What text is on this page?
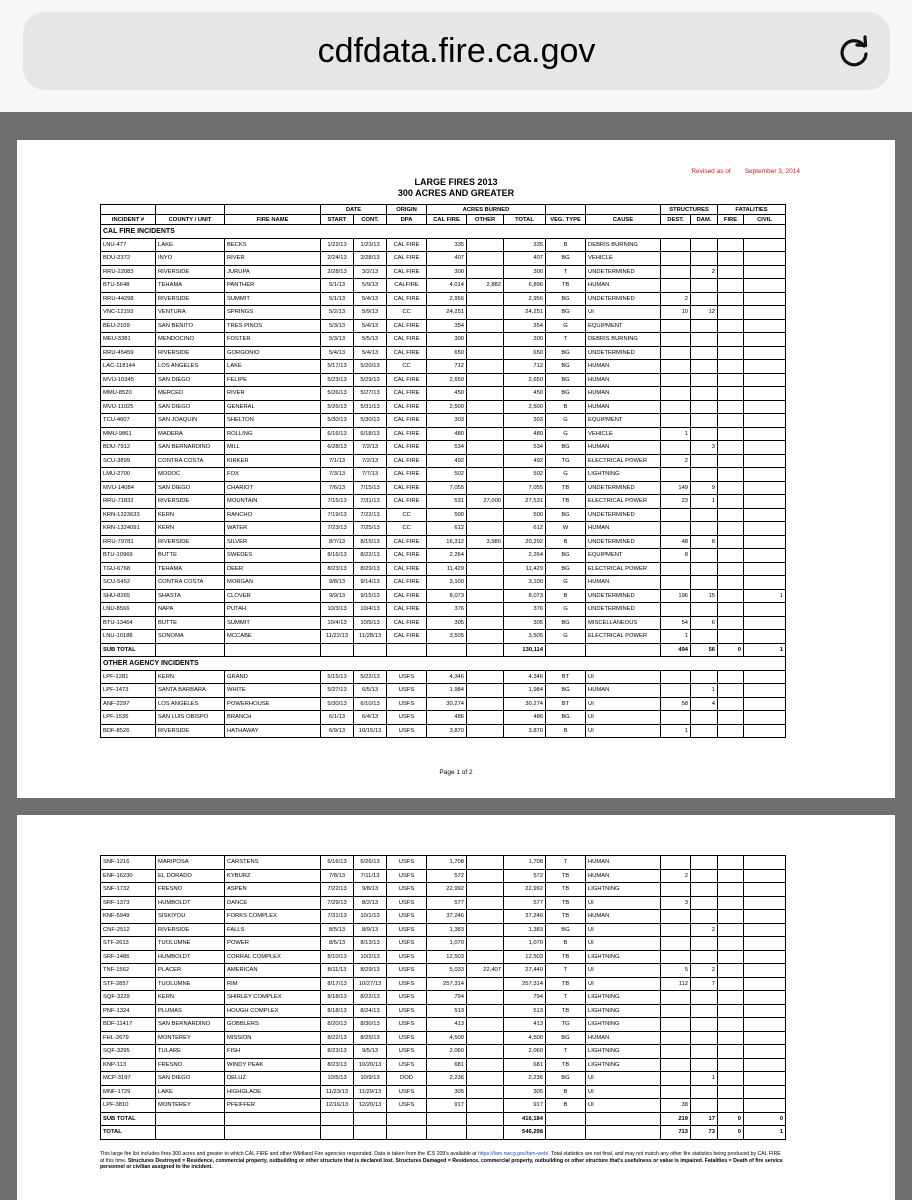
cdfdata.fire.ca.gov
Revised as of September 3, 2014
LARGE FIRES 2013
300 ACRES AND GREATER
			DATE		ORIGIN	ACRES BURNED					STRUCTURES		FATALITIES	
INCIDENT #	COUNTY / UNIT	FIRE NAME	START	CONT.	DPA	CAL FIRE	OTHER	TOTAL	VEG. TYPE	CAUSE	DEST.	DAM.	FIRE	CIVIL
CAL FIRE INCIDENTS														
LNU-477	LAKE	BECKS	1/22/13	1/23/13	CAL FIRE	335		335	B	DEBRIS BURNING				
BDU-2372	INYO	RIVER	2/24/13	2/28/13	CAL FIRE	407		407	BG	VEHICLE				
RRU-22083	RIVERSIDE	JURUPA	2/28/13	3/2/13	CAL FIRE	300		300	T	UNDETERMINED		2		
BTU-5648	TEHAMA	PANTHER	5/1/13	5/9/13	CALFIRE	4,014	2,882	6,896	TB	HUMAN				
RRU-44298	RIVERSIDE	SUMMIT	5/1/13	5/4/13	CAL FIRE	2,956		2,956	BG	UNDETERMINED	2			
VNC-12193	VENTURA	SPRINGS	5/2/13	5/9/13	CC	24,251		24,251	BG	UI	10	12		
BEU-2109	SAN BENITO	TRES PINOS	5/3/13	5/4/13	CAL FIRE	354		354	G	EQUIPMENT				
MEU-3381	MENDOCINO	FOSTER	5/3/13	5/5/13	CAL FIRE	300		300	T	DEBRIS BURNING				
RRU-45459	RIVERSIDE	GORGONIO	5/4/13	5/4/13	CAL FIRE	650		650	BG	UNDETERMINED				
LAC-118144	LOS ANGELES	LAKE	5/17/13	5/20/13	CC	712		712	BG	HUMAN				
MVU-10345	SAN DIEGO	FELIPE	5/23/13	5/29/13	CAL FIRE	2,650		2,650	BG	HUMAN				
MMU-8520	MERCED	RIVER	5/26/13	5/27/13	CAL FIRE	450		450	BG	HUMAN				
MVU-11025	SAN DIEGO	GENERAL	5/26/13	5/31/13	CAL FIRE	2,500		2,500	B	HUMAN				
TCU-4607	SAN JOAQUIN	SHELTON	5/30/13	5/30/13	CAL FIRE	303		303	G	EQUIPMENT				
MMU-9861	MADERA	ROLLING	6/16/13	6/18/13	CAL FIRE	480		480	G	VEHICLE	1			
BDU-7912	SAN BERNARDINO	MILL	6/28/13	7/2/13	CAL FIRE	534		534	BG	HUMAN		3		
SCU-3899	CONTRA COSTA	KIRKER	7/1/13	7/2/13	CAL FIRE	492		492	TG	ELECTRICAL POWER	2			
LMU-2700	MODOC	FOX	7/3/13	7/7/13	CAL FIRE	502		502	G	LIGHTNING				
MVU-14084	SAN DIEGO	CHARIOT	7/6/13	7/15/13	CAL FIRE	7,055		7,055	TB	UNDETERMINED	149	9		
RRU-71832	RIVERSIDE	MOUNTAIN	7/15/13	7/31/13	CAL FIRE	531	27,000	27,531	TB	ELECTRICAL POWER	23	1		
KRN-1323633	KERN	RANCHO	7/19/13	7/22/13	CC	500		500	BG	UNDETERMINED				
KRN-1324091	KERN	WATER	7/23/13	7/25/13	CC	612		612	W	HUMAN				
RRU-79781	RIVERSIDE	SILVER	8/7/13	8/15/13	CAL FIRE	16,312	3,980	20,292	B	UNDETERMINED	48	8		
BTU-10969	BUTTE	SWEDES	8/16/13	8/22/13	CAL FIRE	2,264		2,264	BG	EQUIPMENT	8			
TGU-6768	TEHAMA	DEER	8/23/13	8/29/13	CAL FIRE	11,429		11,429	BG	ELECTRICAL POWER				
SCU-5452	CONTRA COSTA	MORGAN	9/8/13	9/14/13	CAL FIRE	3,100		3,100	G	HUMAN				
SHU-8265	SHASTA	CLOVER	9/9/13	9/15/13	CAL FIRE	8,073		8,073	B	UNDETERMINED	196	15		1
LNU-8566	NAPA	PUTAH	10/3/13	10/4/13	CAL FIRE	376		376	G	UNDETERMINED				
BTU-13464	BUTTE	SUMMIT	10/4/13	10/5/13	CAL FIRE	305		305	BG	MISCELLANEOUS	54	6		
LNU-10188	SONOMA	MCCABE	11/22/13	11/28/13	CAL FIRE	3,505		3,505	G	ELECTRICAL POWER	1			
SUB TOTAL								130,114			494	56	0	1
OTHER AGENCY INCIDENTS														
LPF-1281	KERN	GRAND	5/15/13	5/22/13	USFS	4,346		4,346	BT	UI				
LPF-1473	SANTA BARBARA	WHITE	5/27/13	6/5/13	USFS	1,984		1,984	BG	HUMAN		1		
ANF-2297	LOS ANGELES	POWERHOUSE	5/30/13	6/10/13	USFS	30,274		30,274	BT	UI	58	4		
LPF-1535	SAN LUIS OBISPO	BRANCH	6/1/13	6/4/13	USFS	486		486	BG	UI				
BDF-8526	RIVERSIDE	HATHAWAY	6/9/13	10/15/13	USFS	3,870		3,870	B	UI	1			
Page 1 of 2
SNF-1216	MARIPOSA	CARSTENS	6/16/13	6/26/13	USFS	1,708		1,708	T	HUMAN				
ENF-16230	EL DORADO	KYBURZ	7/8/13	7/11/13	USFS	572		572	TB	HUMAN	2			
SNF-1732	FRESNO	ASPEN	7/22/13	9/8/13	USFS	22,992		22,992	TB	LIGHTNING				
SRF-1373	HUMBOLDT	DANCE	7/29/13	8/2/13	USFS	577		577	TB	UI	3			
KNF-5949	SISKIYOU	FORKS COMPLEX	7/31/13	10/1/13	USFS	37,246		37,246	TB	HUMAN				
CNF-2512	RIVERSIDE	FALLS	8/5/13	8/9/13	USFS	1,383		1,383	BG	UI		2		
STF-2613	TUOLUMNE	POWER	8/5/13	8/13/13	USFS	1,070		1,070	B	UI				
SRF-1486	HUMBOLDT	CORRAL COMPLEX	8/10/13	10/2/13	USFS	12,503		12,503	TB	LIGHTNING				
TNF-1562	PLACER	AMERICAN	8/11/13	8/29/13	USFS	5,033	22,407	27,440	T	UI	5	2		
STF-2857	TUOLUMNE	RIM	8/17/13	10/27/13	USFS	257,314		257,314	TB	UI	112	7		
SQF-3229	KERN	SHIRLEY COMPLEX	8/18/13	8/22/13	USFS	794		794	T	LIGHTNING				
PNF-1324	PLUMAS	HOUGH COMPLEX	8/18/13	8/24/13	USFS	513		513	TB	LIGHTNING				
BDF-11417	SAN BERNARDINO	GOBBLERS	8/20/13	8/30/13	USFS	413		413	TG	LIGHTNING				
FHL-2679	MONTEREY	MISSION	8/22/13	8/25/13	USFS	4,500		4,500	BG	HUMAN				
SQF-3295	TULARE	FISH	8/23/13	9/5/13	USFS	2,060		2,060	T	LIGHTNING				
KNP-113	FRESNO	WINDY PEAK	8/23/13	10/20/13	USFS	681		681	TB	LIGHTNING				
MCP-3197	SAN DIEGO	DELUZ	10/5/13	10/9/13	DOD	2,236		2,236	BG	UI		1		
MNF-1729	LAKE	HIGHGLADE	11/23/13	11/29/13	USFS	305		305	B	UI				
LPF-3810	MONTEREY	PFEIFFER	12/16/13	12/20/13	USFS	917		917	B	UI	38			
SUB TOTAL								416,184			219	17	0	0
TOTAL								546,298			713	73	0	1
This large fire list includes fires 300 acres and greater to which CAL FIRE and other Wildland Fire agencies responded. Data is taken from the ICS 209's available at https://fam.nwcg.gov/fam-web/. Total statistics are not final, and may not match any other fire statistics being produced by CAL FIRE at this time. Structures Destroyed = Residence, commercial property, outbuilding or other structure that is declared lost. Structures Damaged = Residence, commercial property, outbuilding or other structure that's usefulness or value is impaired. Fatalities = Death of fire service personnel or civilian assigned to the incident.
